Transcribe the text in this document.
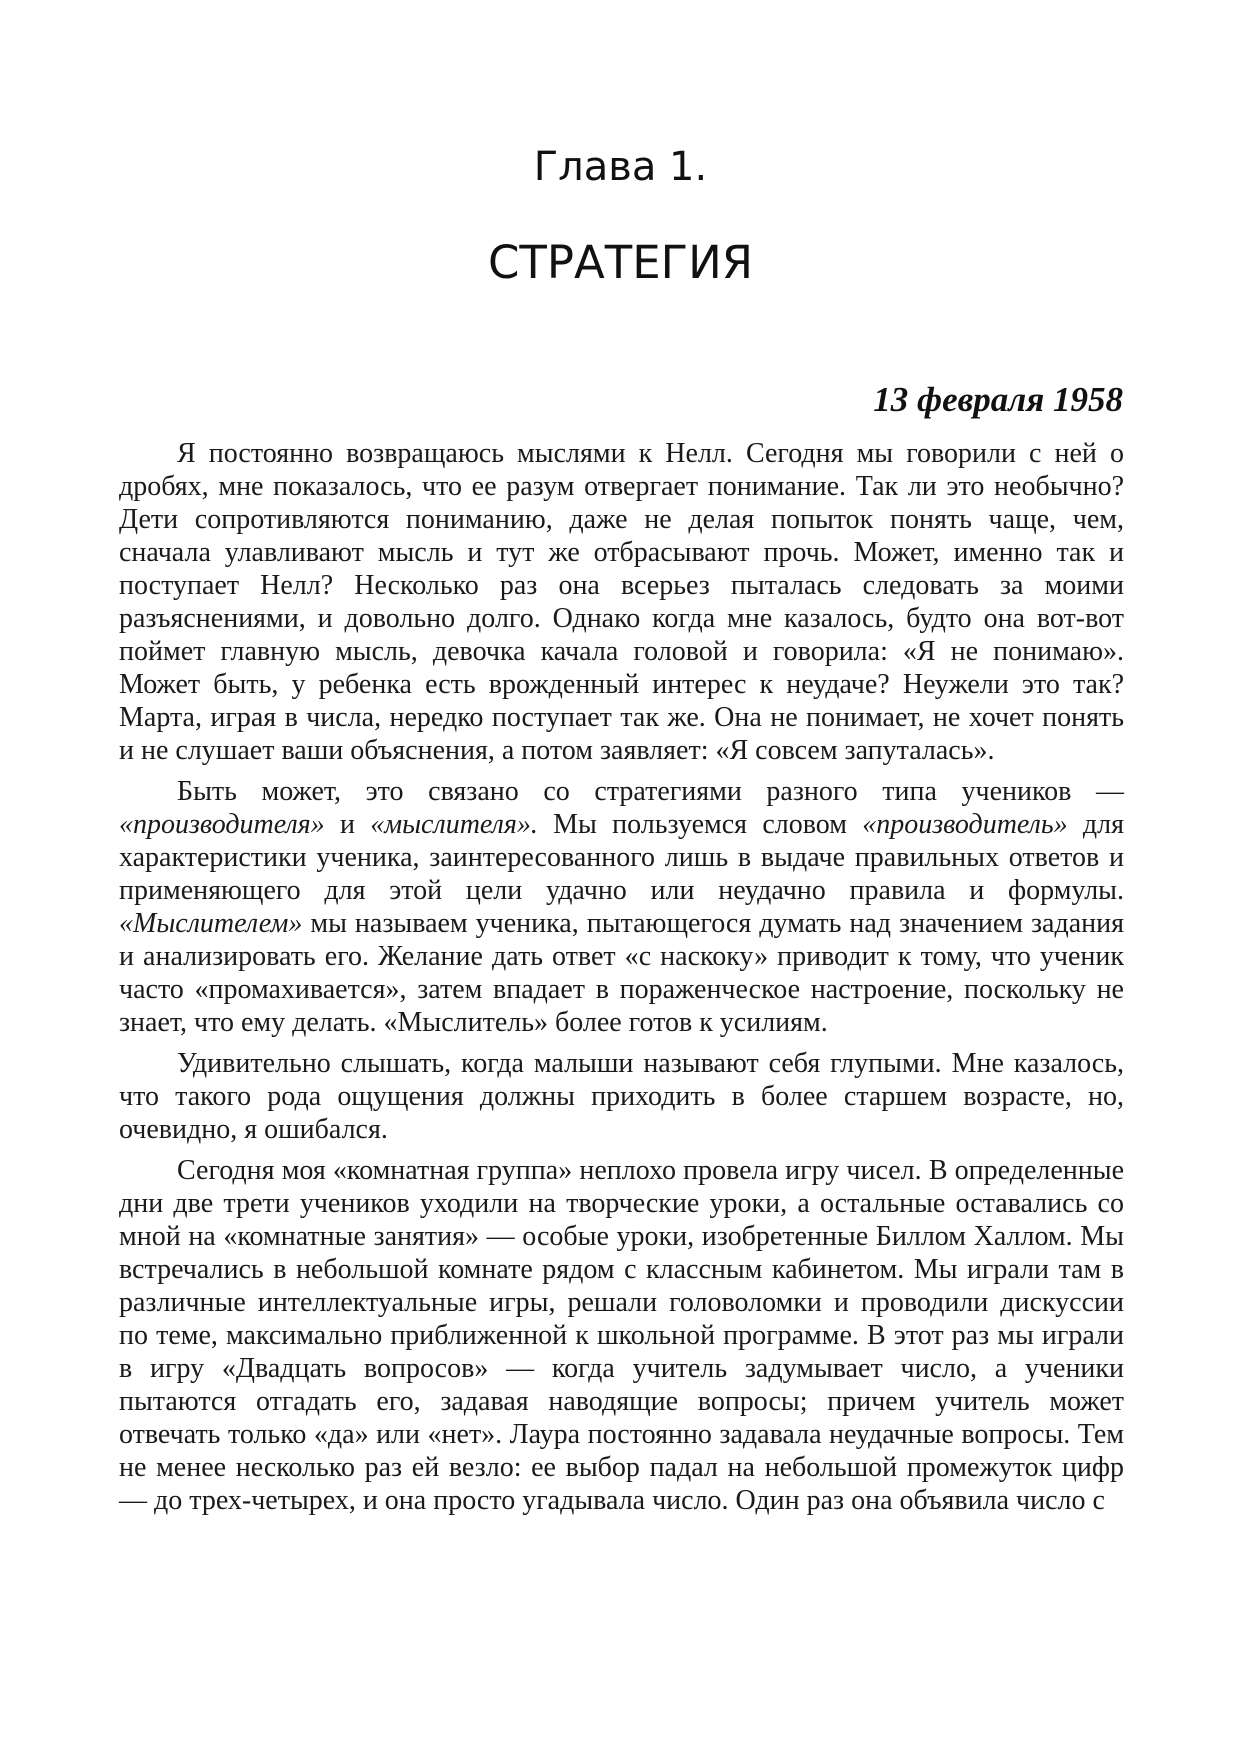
Глава 1.
СТРАТЕГИЯ
13 февраля 1958

Я постоянно возвращаюсь мыслями к Нелл. Сегодня мы говорили с ней о дробях, мне показалось, что ее разум отвергает понимание. Так ли это необычно? Дети сопротивляются пониманию, даже не делая попыток понять чаще, чем, сначала улавливают мысль и тут же отбрасывают прочь. Может, именно так и поступает Нелл? Несколько раз она всерьез пыталась следовать за моими разъяснениями, и довольно долго. Однако когда мне казалось, будто она вот-вот поймет главную мысль, девочка качала головой и говорила: «Я не понимаю». Может быть, у ребенка есть врожденный интерес к неудаче? Неужели это так? Марта, играя в числа, нередко поступает так же. Она не понимает, не хочет понять и не слушает ваши объяснения, а потом заявляет: «Я совсем запуталась».

Быть может, это связано со стратегиями разного типа учеников — «производителя» и «мыслителя». Мы пользуемся словом «производитель» для характеристики ученика, заинтересованного лишь в выдаче правильных ответов и применяющего для этой цели удачно или неудачно правила и формулы. «Мыслителем» мы называем ученика, пытающегося думать над значением задания и анализировать его. Желание дать ответ «с наскоку» приводит к тому, что ученик часто «промахивается», затем впадает в пораженческое настроение, поскольку не знает, что ему делать. «Мыслитель» более готов к усилиям.

Удивительно слышать, когда малыши называют себя глупыми. Мне казалось, что такого рода ощущения должны приходить в более старшем возрасте, но, очевидно, я ошибался.

Сегодня моя «комнатная группа» неплохо провела игру чисел. В определенные дни две трети учеников уходили на творческие уроки, а остальные оставались со мной на «комнатные занятия» — особые уроки, изобретенные Биллом Халлом. Мы встречались в небольшой комнате рядом с классным кабинетом. Мы играли там в различные интеллектуальные игры, решали головоломки и проводили дискуссии по теме, максимально приближенной к школьной программе. В этот раз мы играли в игру «Двадцать вопросов» — когда учитель задумывает число, а ученики пытаются отгадать его, задавая наводящие вопросы; причем учитель может отвечать только «да» или «нет». Лаура постоянно задавала неудачные вопросы. Тем не менее несколько раз ей везло: ее выбор падал на небольшой промежуток цифр — до трех-четырех, и она просто угадывала число. Один раз она объявила число с
